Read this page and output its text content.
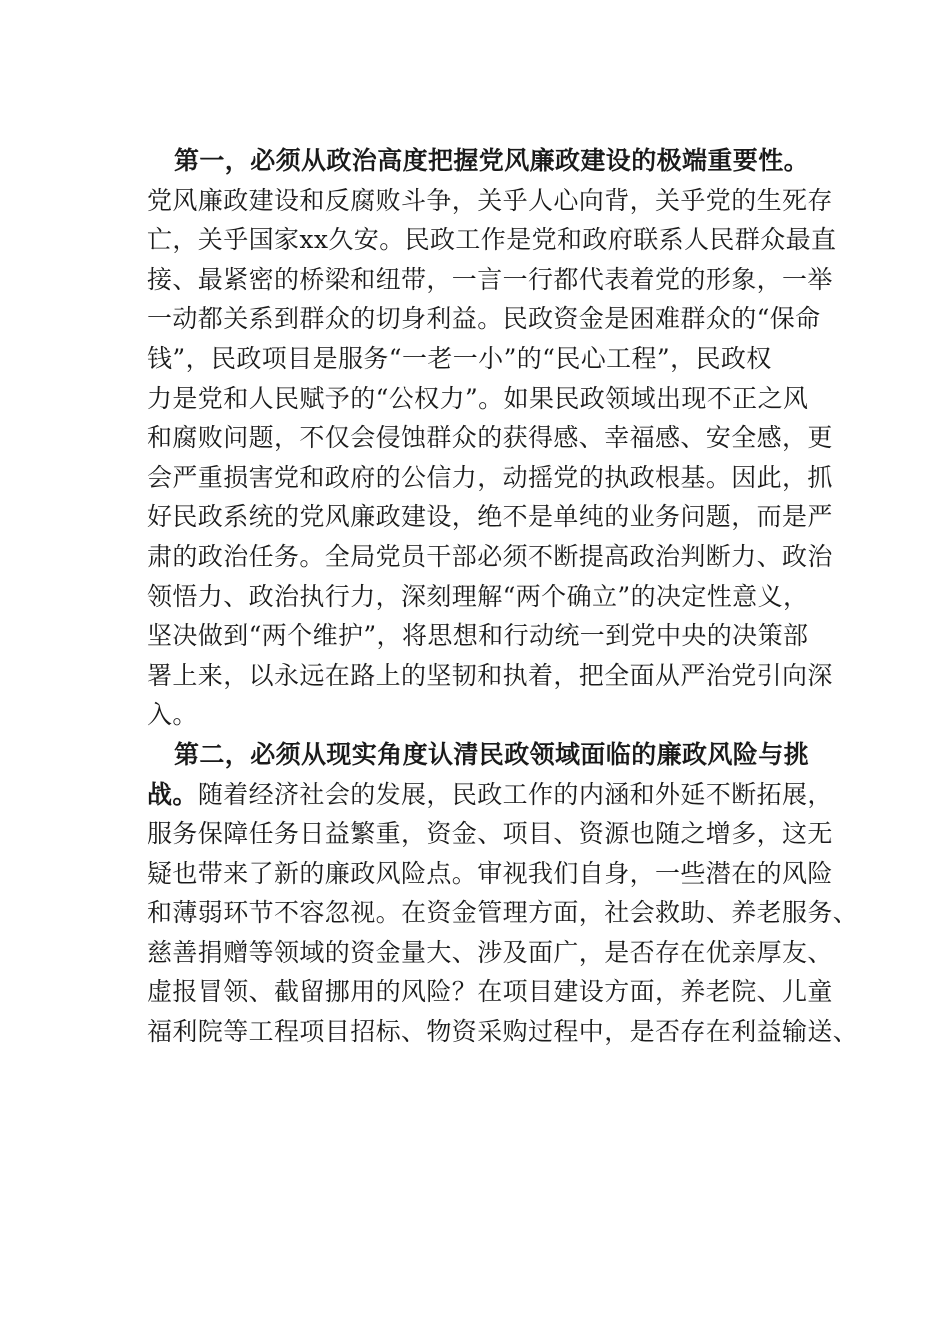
第一，必须从政治高度把握党风廉政建设的极端重要性。
党风廉政建设和反腐败斗争，关乎人心向背，关乎党的生死存
亡，关乎国家xx久安。民政工作是党和政府联系人民群众最直
接、最紧密的桥梁和纽带，一言一行都代表着党的形象，一举
一动都关系到群众的切身利益。民政资金是困难群众的“保命
钱”，民政项目是服务“一老一小”的“民心工程”，民政权
力是党和人民赋予的“公权力”。如果民政领域出现不正之风
和腐败问题，不仅会侵蚀群众的获得感、幸福感、安全感，更
会严重损害党和政府的公信力，动摇党的执政根基。因此，抓
好民政系统的党风廉政建设，绝不是单纯的业务问题，而是严
肃的政治任务。全局党员干部必须不断提高政治判断力、政治
领悟力、政治执行力，深刻理解“两个确立”的决定性意义，
坚决做到“两个维护”，将思想和行动统一到党中央的决策部
署上来，以永远在路上的坚韧和执着，把全面从严治党引向深
入。
第二，必须从现实角度认清民政领域面临的廉政风险与挑
战。随着经济社会的发展，民政工作的内涵和外延不断拓展，
服务保障任务日益繁重，资金、项目、资源也随之增多，这无
疑也带来了新的廉政风险点。审视我们自身，一些潜在的风险
和薄弱环节不容忽视。在资金管理方面，社会救助、养老服务、
慈善捐赠等领域的资金量大、涉及面广，是否存在优亲厚友、
虚报冒领、截留挪用的风险？在项目建设方面，养老院、儿童
福利院等工程项目招标、物资采购过程中，是否存在利益输送、
